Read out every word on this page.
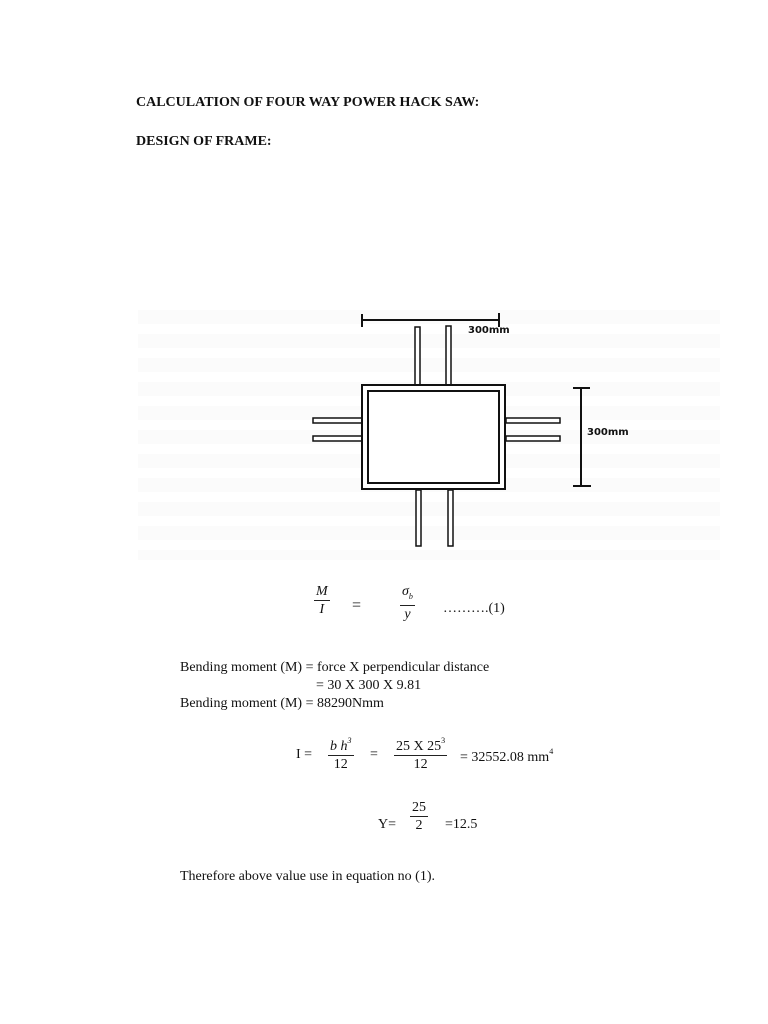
CALCULATION OF FOUR WAY POWER HACK SAW:
DESIGN OF FRAME:
300mm
300mm
$\frac{M}{I}$ =	$\frac{\sigma_b}{y}$ ……….(1)
Bending moment (M) = force X perpendicular distance
= 30 X 300 X 9.81
Bending moment (M) = 88290Nmm
$I = \frac{b h^3}{12} = \frac{25 X 25^3}{12} = 32552.08$ $mm^4$
$Y= \frac{25}{2} =12.5$
Therefore above value use in equation no (1).
